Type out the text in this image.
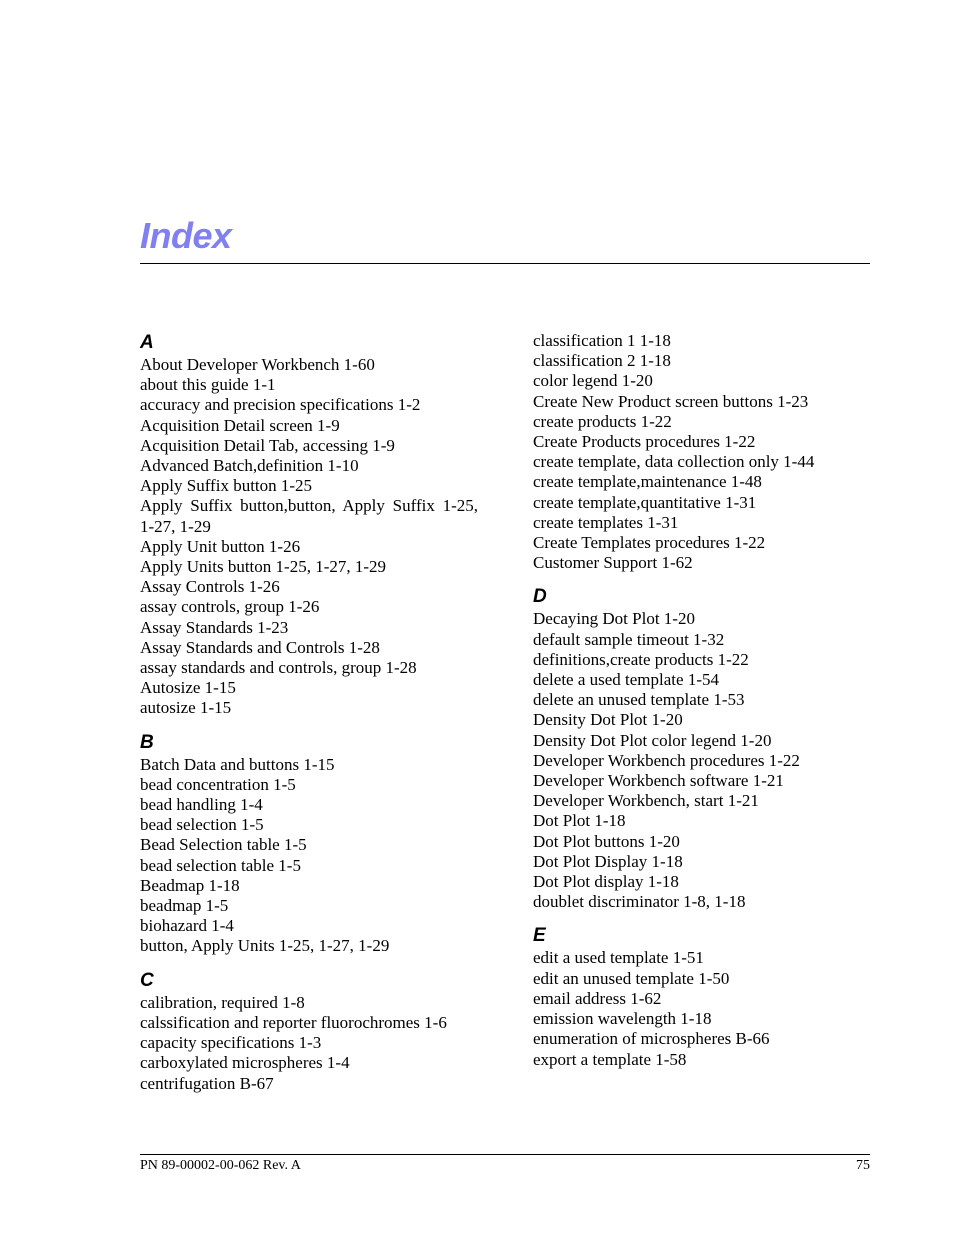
Index
A
About Developer Workbench 1-60
about this guide 1-1
accuracy and precision specifications 1-2
Acquisition Detail screen 1-9
Acquisition Detail Tab, accessing 1-9
Advanced Batch,definition 1-10
Apply Suffix button 1-25
Apply Suffix button,button, Apply Suffix 1-25, 1-27, 1-29
Apply Unit button 1-26
Apply Units button 1-25, 1-27, 1-29
Assay Controls 1-26
assay controls, group 1-26
Assay Standards 1-23
Assay Standards and Controls 1-28
assay standards and controls, group 1-28
Autosize 1-15
autosize 1-15
B
Batch Data and buttons 1-15
bead concentration 1-5
bead handling 1-4
bead selection 1-5
Bead Selection table 1-5
bead selection table 1-5
Beadmap 1-18
beadmap 1-5
biohazard 1-4
button, Apply Units 1-25, 1-27, 1-29
C
calibration, required 1-8
calssification and reporter fluorochromes 1-6
capacity specifications 1-3
carboxylated microspheres 1-4
centrifugation B-67
classification 1 1-18
classification 2 1-18
color legend 1-20
Create New Product screen buttons 1-23
create products 1-22
Create Products procedures 1-22
create template, data collection only 1-44
create template,maintenance 1-48
create template,quantitative 1-31
create templates 1-31
Create Templates procedures 1-22
Customer Support 1-62
D
Decaying Dot Plot 1-20
default sample timeout 1-32
definitions,create products 1-22
delete a used template 1-54
delete an unused template 1-53
Density Dot Plot 1-20
Density Dot Plot color legend 1-20
Developer Workbench procedures 1-22
Developer Workbench software 1-21
Developer Workbench, start 1-21
Dot Plot 1-18
Dot Plot buttons 1-20
Dot Plot Display 1-18
Dot Plot display 1-18
doublet discriminator 1-8, 1-18
E
edit a used template 1-51
edit an unused template 1-50
email address 1-62
emission wavelength 1-18
enumeration of microspheres B-66
export a template 1-58
PN 89-00002-00-062 Rev. A	75
